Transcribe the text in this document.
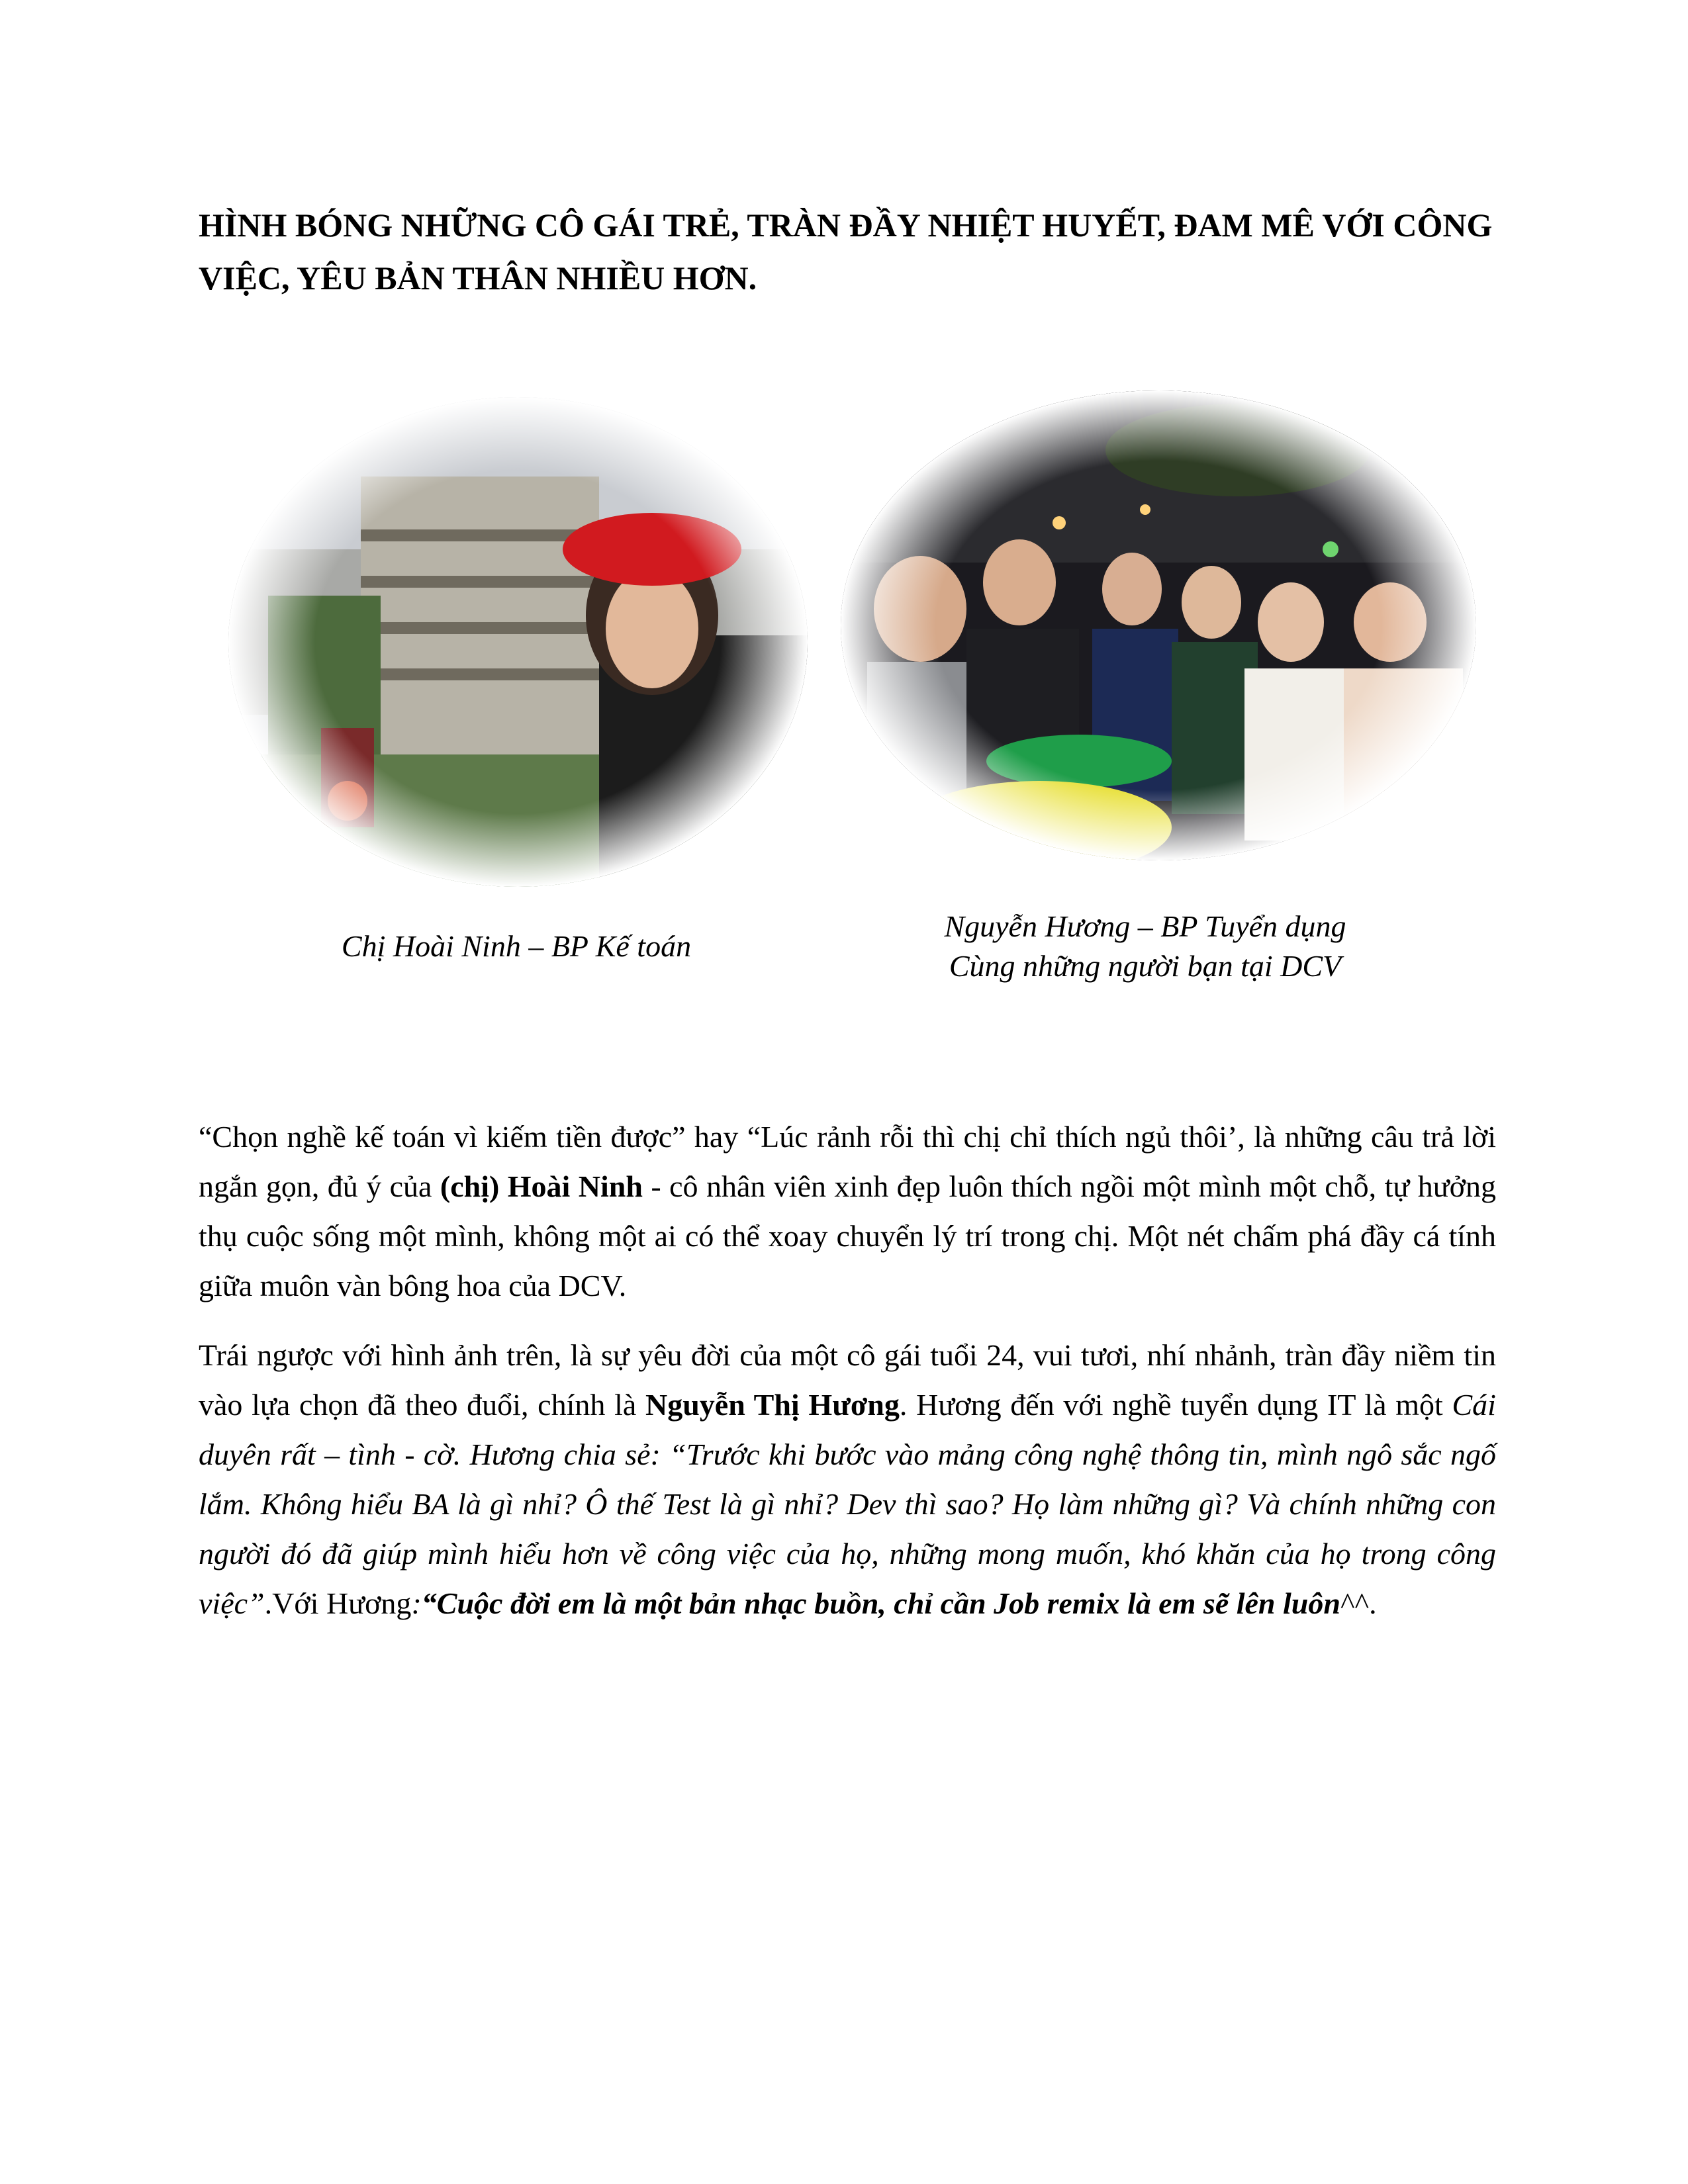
HÌNH BÓNG NHỮNG CÔ GÁI TRẺ, TRÀN ĐẦY NHIỆT HUYẾT, ĐAM MÊ VỚI CÔNG VIỆC, YÊU BẢN THÂN NHIỀU HƠN.

Chị Hoài Ninh – BP Kế toán

Nguyễn Hương – BP Tuyển dụng
Cùng những người bạn tại DCV

“Chọn nghề kế toán vì kiếm tiền được” hay “Lúc rảnh rỗi thì chị chỉ thích ngủ thôi’, là những câu trả lời ngắn gọn, đủ ý của (chị) Hoài Ninh - cô nhân viên xinh đẹp luôn thích ngồi một mình một chỗ, tự hưởng thụ cuộc sống một mình, không một ai có thể xoay chuyển lý trí trong chị. Một nét chấm phá đầy cá tính giữa muôn vàn bông hoa của DCV.

Trái ngược với hình ảnh trên, là sự yêu đời của một cô gái tuổi 24, vui tươi, nhí nhảnh, tràn đầy niềm tin vào lựa chọn đã theo đuổi, chính là Nguyễn Thị Hương. Hương đến với nghề tuyển dụng IT là một Cái duyên rất – tình - cờ. Hương chia sẻ: “Trước khi bước vào mảng công nghệ thông tin, mình ngô sắc ngố lắm. Không hiểu BA là gì nhỉ? Ô thế Test là gì nhỉ? Dev thì sao? Họ làm những gì? Và chính những con người đó đã giúp mình hiểu hơn về công việc của họ, những mong muốn, khó khăn của họ trong công việc”.Với Hương:“Cuộc đời em là một bản nhạc buồn, chỉ cần Job remix là em sẽ lên luôn^^.
